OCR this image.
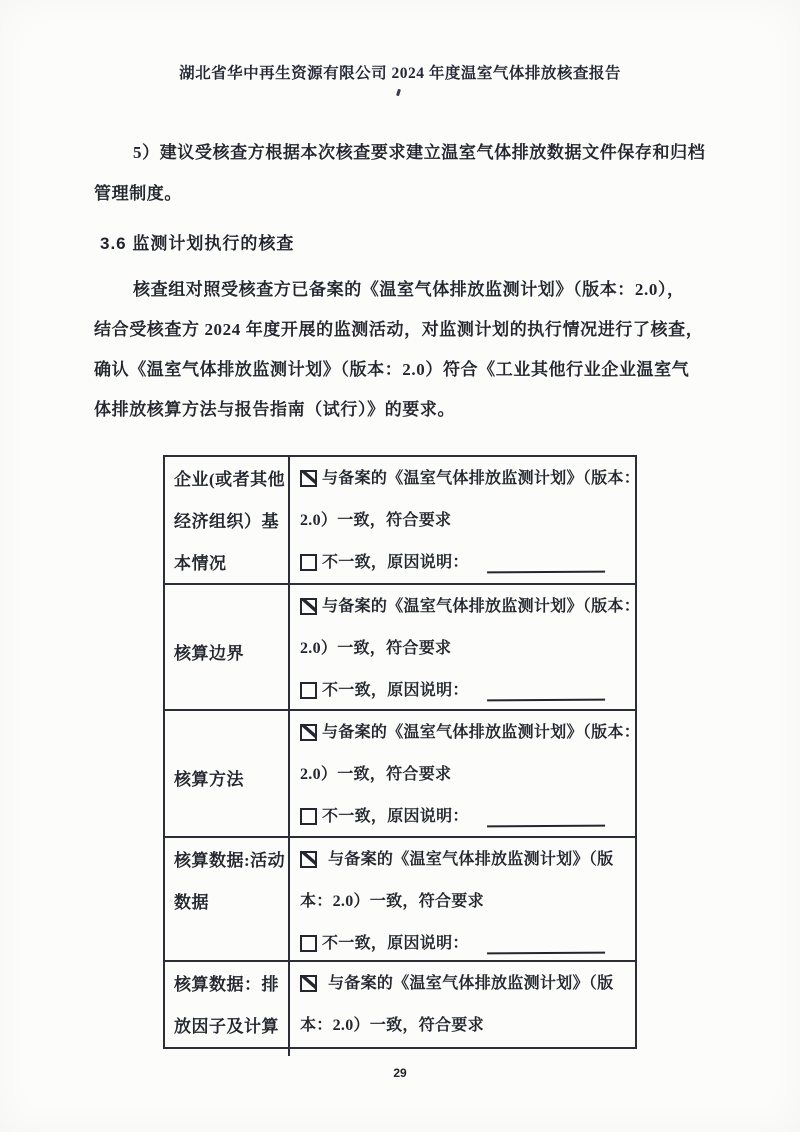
湖北省华中再生资源有限公司 2024 年度温室气体排放核查报告
5）建议受核查方根据本次核查要求建立温室气体排放数据文件保存和归档
管理制度。
3.6 监测计划执行的核查
核查组对照受核查方已备案的《温室气体排放监测计划》（版本：2.0），
结合受核查方 2024 年度开展的监测活动，对监测计划的执行情况进行了核查，
确认《温室气体排放监测计划》（版本：2.0）符合《工业其他行业企业温室气
体排放核算方法与报告指南（试行）》的要求。
企业(或者其他
经济组织）基
本情况
与备案的《温室气体排放监测计划》（版本：
2.0）一致，符合要求
不一致，原因说明：
核算边界
与备案的《温室气体排放监测计划》（版本：
2.0）一致，符合要求
不一致，原因说明：
核算方法
与备案的《温室气体排放监测计划》（版本：
2.0）一致，符合要求
不一致，原因说明：
核算数据:活动
数据
与备案的《温室气体排放监测计划》（版
本：2.0）一致，符合要求
不一致，原因说明：
核算数据：排
放因子及计算
与备案的《温室气体排放监测计划》（版
本：2.0）一致，符合要求
29
